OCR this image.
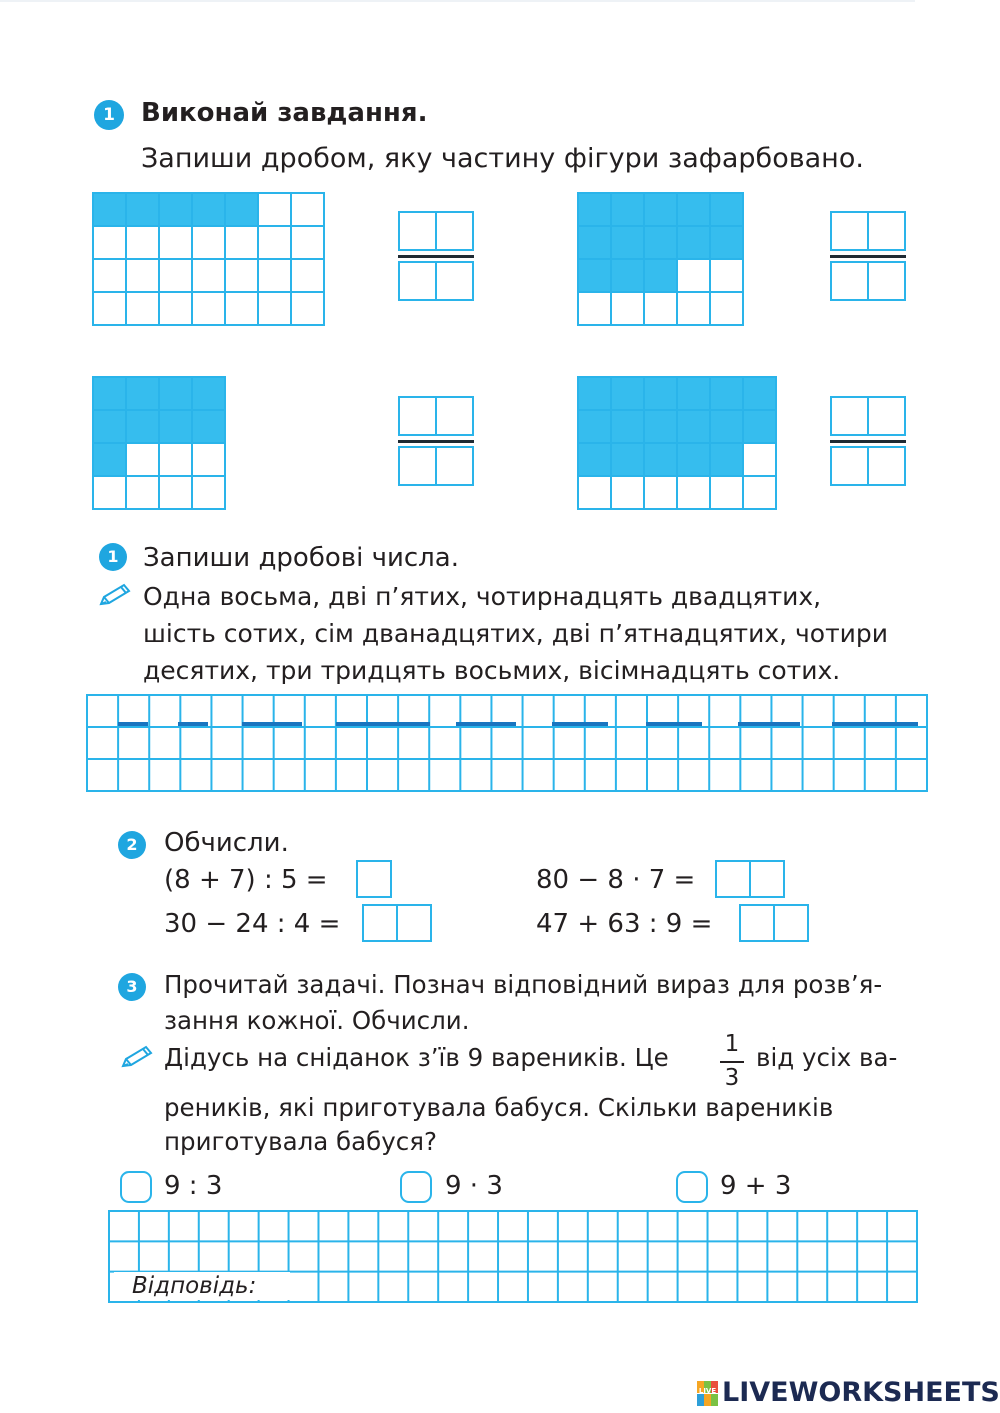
1	Виконай завдання.
Запиши дробом, яку частину фігури зафарбовано.
1 Запиши дробові числа.
Одна восьма, дві п’ятих, чотирнадцять двадцятих,
шість сотих, сім дванадцятих, дві п’ятнадцятих, чотири
десятих, три тридцять восьмих, вісімнадцять сотих.
2	Обчисли.
(8 + 7) : 5 =	80 − 8 · 7 =
30 − 24 : 4 =	47 + 63 : 9 =
3	Прочитай задачі. Познач відповідний вираз для розв’я-
зання кожної. Обчисли.
Дідусь на сніданок з’їв 9 вареників. Це 1
3
від усіх ва-
реників, які приготувала бабуся. Скільки вареників
приготувала бабуся?
9 : 3	9 · 3	9 + 3
Відповідь:
LIVE LIVEWORKSHEETS
